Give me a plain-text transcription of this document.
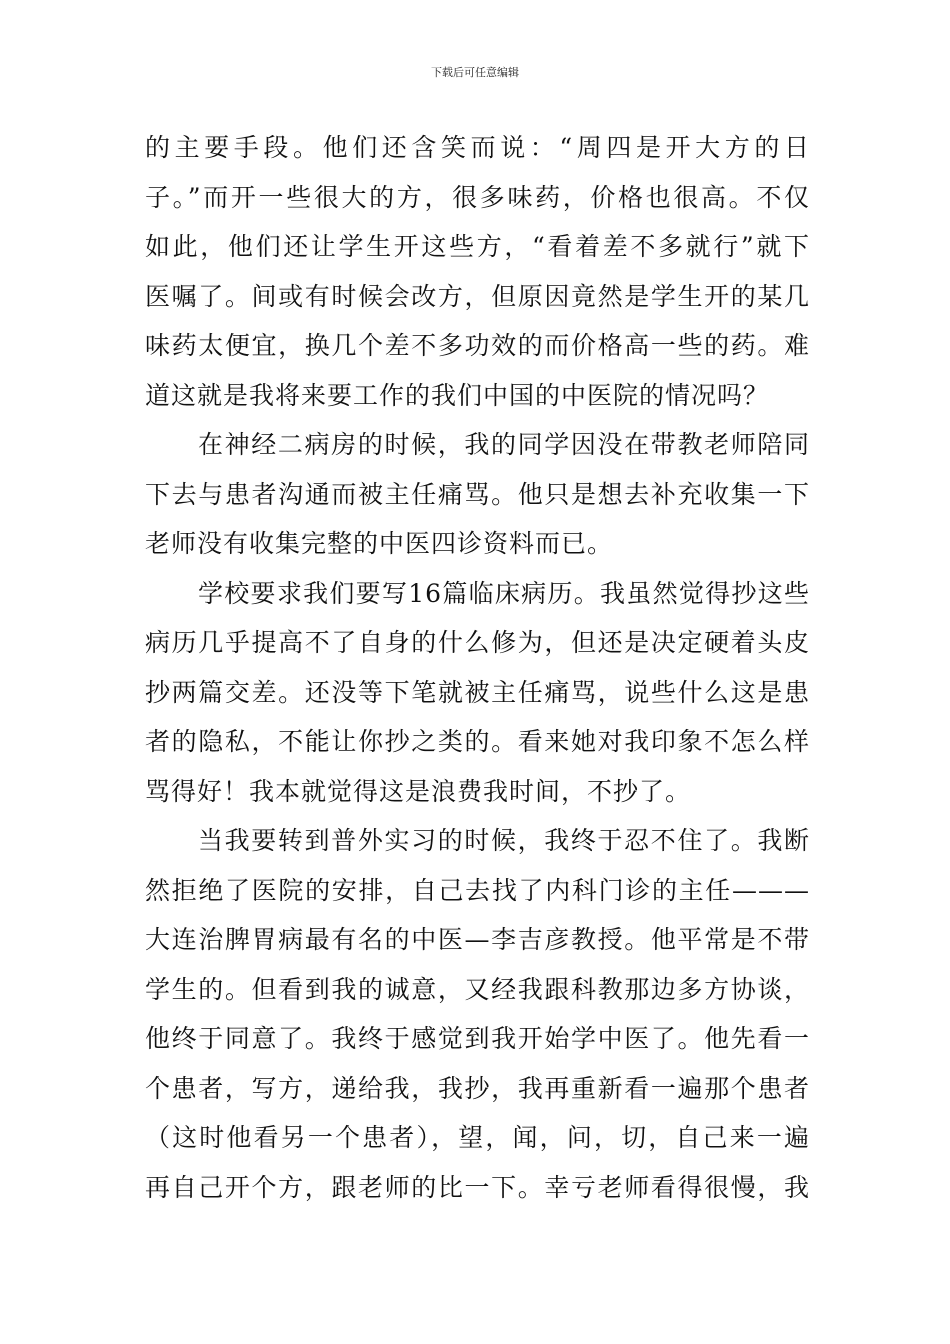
下载后可任意编辑
的主要手段。他们还含笑而说：“周四是开大方的日
子。”而开一些很大的方，很多味药，价格也很高。不仅
如此，他们还让学生开这些方，“看着差不多就行”就下
医嘱了。间或有时候会改方，但原因竟然是学生开的某几
味药太便宜，换几个差不多功效的而价格高一些的药。难
道这就是我将来要工作的我们中国的中医院的情况吗？
在神经二病房的时候，我的同学因没在带教老师陪同
下去与患者沟通而被主任痛骂。他只是想去补充收集一下
老师没有收集完整的中医四诊资料而已。
学校要求我们要写16篇临床病历。我虽然觉得抄这些
病历几乎提高不了自身的什么修为，但还是决定硬着头皮
抄两篇交差。还没等下笔就被主任痛骂，说些什么这是患
者的隐私，不能让你抄之类的。看来她对我印象不怎么样
骂得好！我本就觉得这是浪费我时间，不抄了。
当我要转到普外实习的时候，我终于忍不住了。我断
然拒绝了医院的安排，自己去找了内科门诊的主任———
大连治脾胃病最有名的中医—李吉彦教授。他平常是不带
学生的。但看到我的诚意，又经我跟科教那边多方协谈，
他终于同意了。我终于感觉到我开始学中医了。他先看一
个患者，写方，递给我，我抄，我再重新看一遍那个患者
（这时他看另一个患者），望，闻，问，切，自己来一遍
再自己开个方，跟老师的比一下。幸亏老师看得很慢，我
